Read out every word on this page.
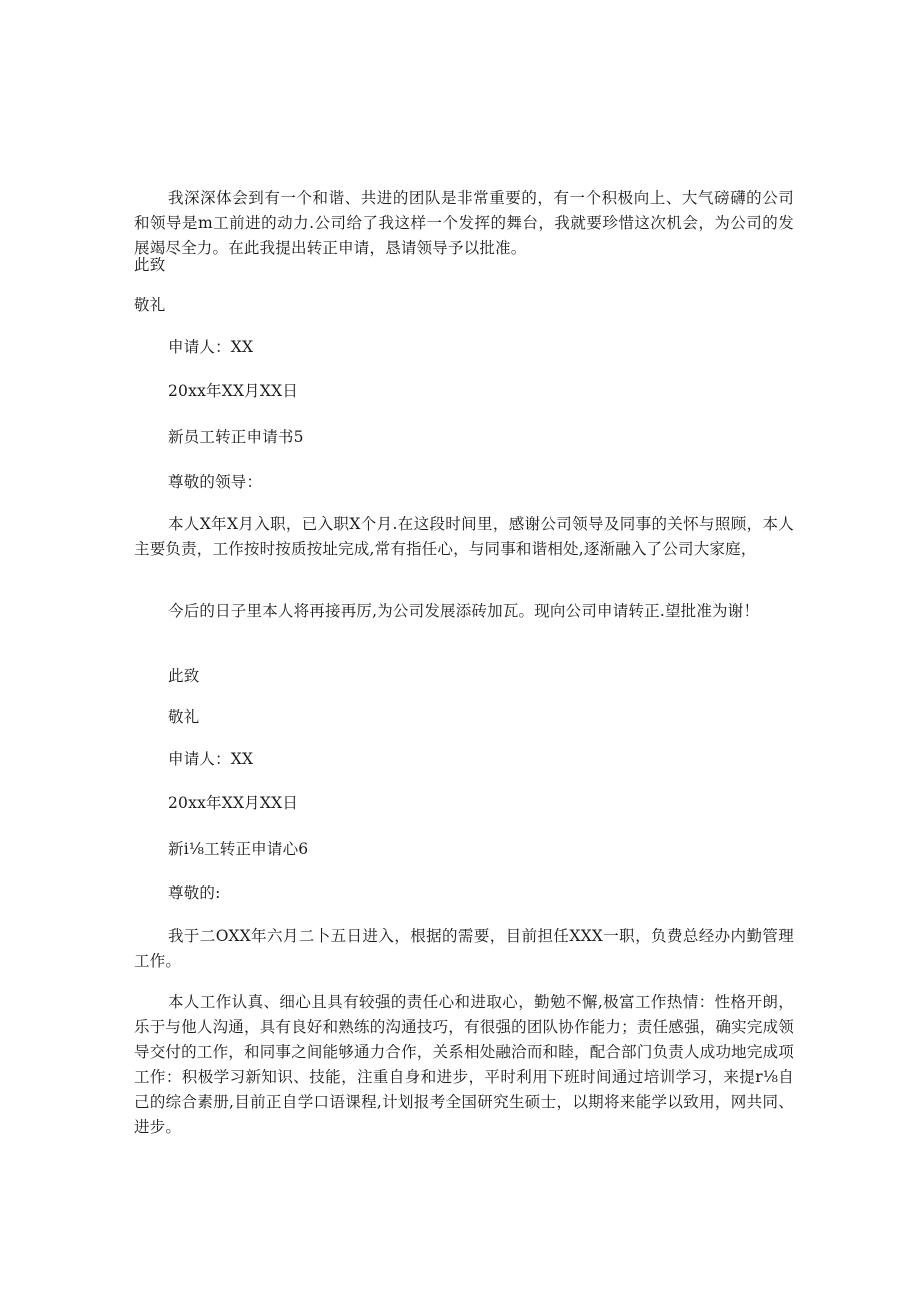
我深深体会到有一个和谐、共进的团队是非常重要的，有一个积极向上、大气磅礴的公司和领导是m工前进的动力.公司给了我这样一个发挥的舞台，我就要珍惜这次机会，为公司的发展竭尽全力。在此我提出转正申请，恳请领导予以批准。
此致
敬礼
申请人：XX
20xx年XX月XX日
新员工转正申请书5
尊敬的领导：
本人X年X月入职，已入职X个月.在这段时间里，感谢公司领导及同事的关怀与照顾，本人主要负责，工作按时按质按址完成,常有指任心，与同事和谐相处,逐渐融入了公司大家庭，
今后的日子里本人将再接再厉,为公司发展添砖加瓦。现向公司申请转正.望批准为谢！
此致
敬礼
申请人：XX
20xx年XX月XX日
新i⅛工转正申请心6
尊敬的:
我于二OXX年六月二卜五日进入，根据的需要，目前担任XXX一职，负费总经办内勤管理工作。
本人工作认真、细心且具有较强的责任心和进取心，勤勉不懈,极富工作热情：性格开朗，乐于与他人沟通，具有良好和熟练的沟通技巧，有很强的团队协作能力；责任感强，确实完成领导交付的工作，和同事之间能够通力合作，关系相处融洽而和睦，配合部门负责人成功地完成项工作：积极学习新知识、技能，注重自身和进步，平时利用下班时间通过培训学习，来提r⅛自己的综合素册,目前正自学口语课程,计划报考全国研究生硕士，以期将来能学以致用，网共同、进步。
